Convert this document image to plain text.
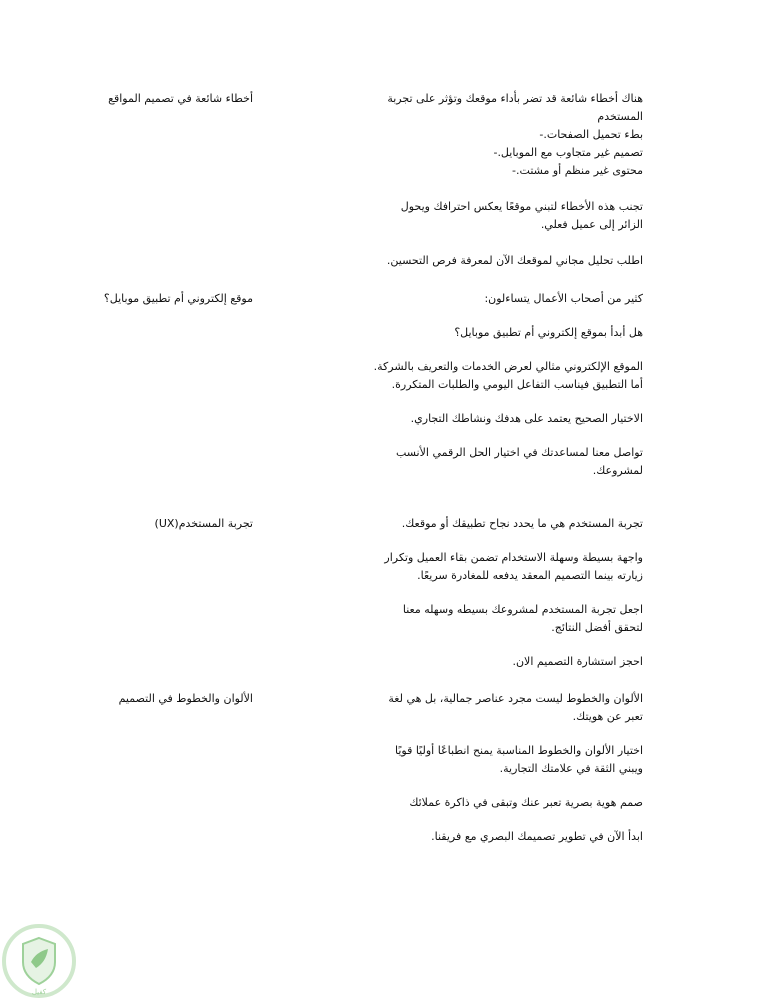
أخطاء شائعة في تصميم المواقع	هناك أخطاء شائعة قد تضر بأداء موقعك وتؤثر على تجربة المستخدم

بطء تحميل الصفحات.-

تصميم غير متجاوب مع الموبايل.-

محتوى غير منظم أو مشتت.-

تجنب هذه الأخطاء لتبني موقعًا يعكس احترافك ويحول الزائر إلى عميل فعلي.

اطلب تحليل مجاني لموقعك الآن لمعرفة فرص التحسين.

موقع إلكتروني أم تطبيق موبايل؟	كثير من أصحاب الأعمال يتساءلون:

هل أبدأ بموقع إلكتروني أم تطبيق موبايل؟

الموقع الإلكتروني مثالي لعرض الخدمات والتعريف بالشركة.

أما التطبيق فيناسب التفاعل اليومي والطلبات المتكررة.

الاختيار الصحيح يعتمد على هدفك ونشاطك التجاري.

تواصل معنا لمساعدتك في اختيار الحل الرقمي الأنسب لمشروعك.

تجربة المستخدم(UX)	تجربة المستخدم هي ما يحدد نجاح تطبيقك أو موقعك.

واجهة بسيطة وسهلة الاستخدام تضمن بقاء العميل وتكرار زيارته بينما التصميم المعقد يدفعه للمغادرة سريعًا.

اجعل تجربة المستخدم لمشروعك بسيطه وسهله معنا لتحقق أفضل النتائج.

احجز استشارة التصميم الان.

الألوان والخطوط في التصميم	الألوان والخطوط ليست مجرد عناصر جمالية، بل هي لغة تعبر عن هويتك.

اختيار الألوان والخطوط المناسبة يمنح انطباعًا أوليًا قويًا ويبني الثقة في علامتك التجارية.

صمم هوية بصرية تعبر عنك وتبقى في ذاكرة عملائك

ابدأ الآن في تطوير تصميمك البصري مع فريقنا.

كفيل
